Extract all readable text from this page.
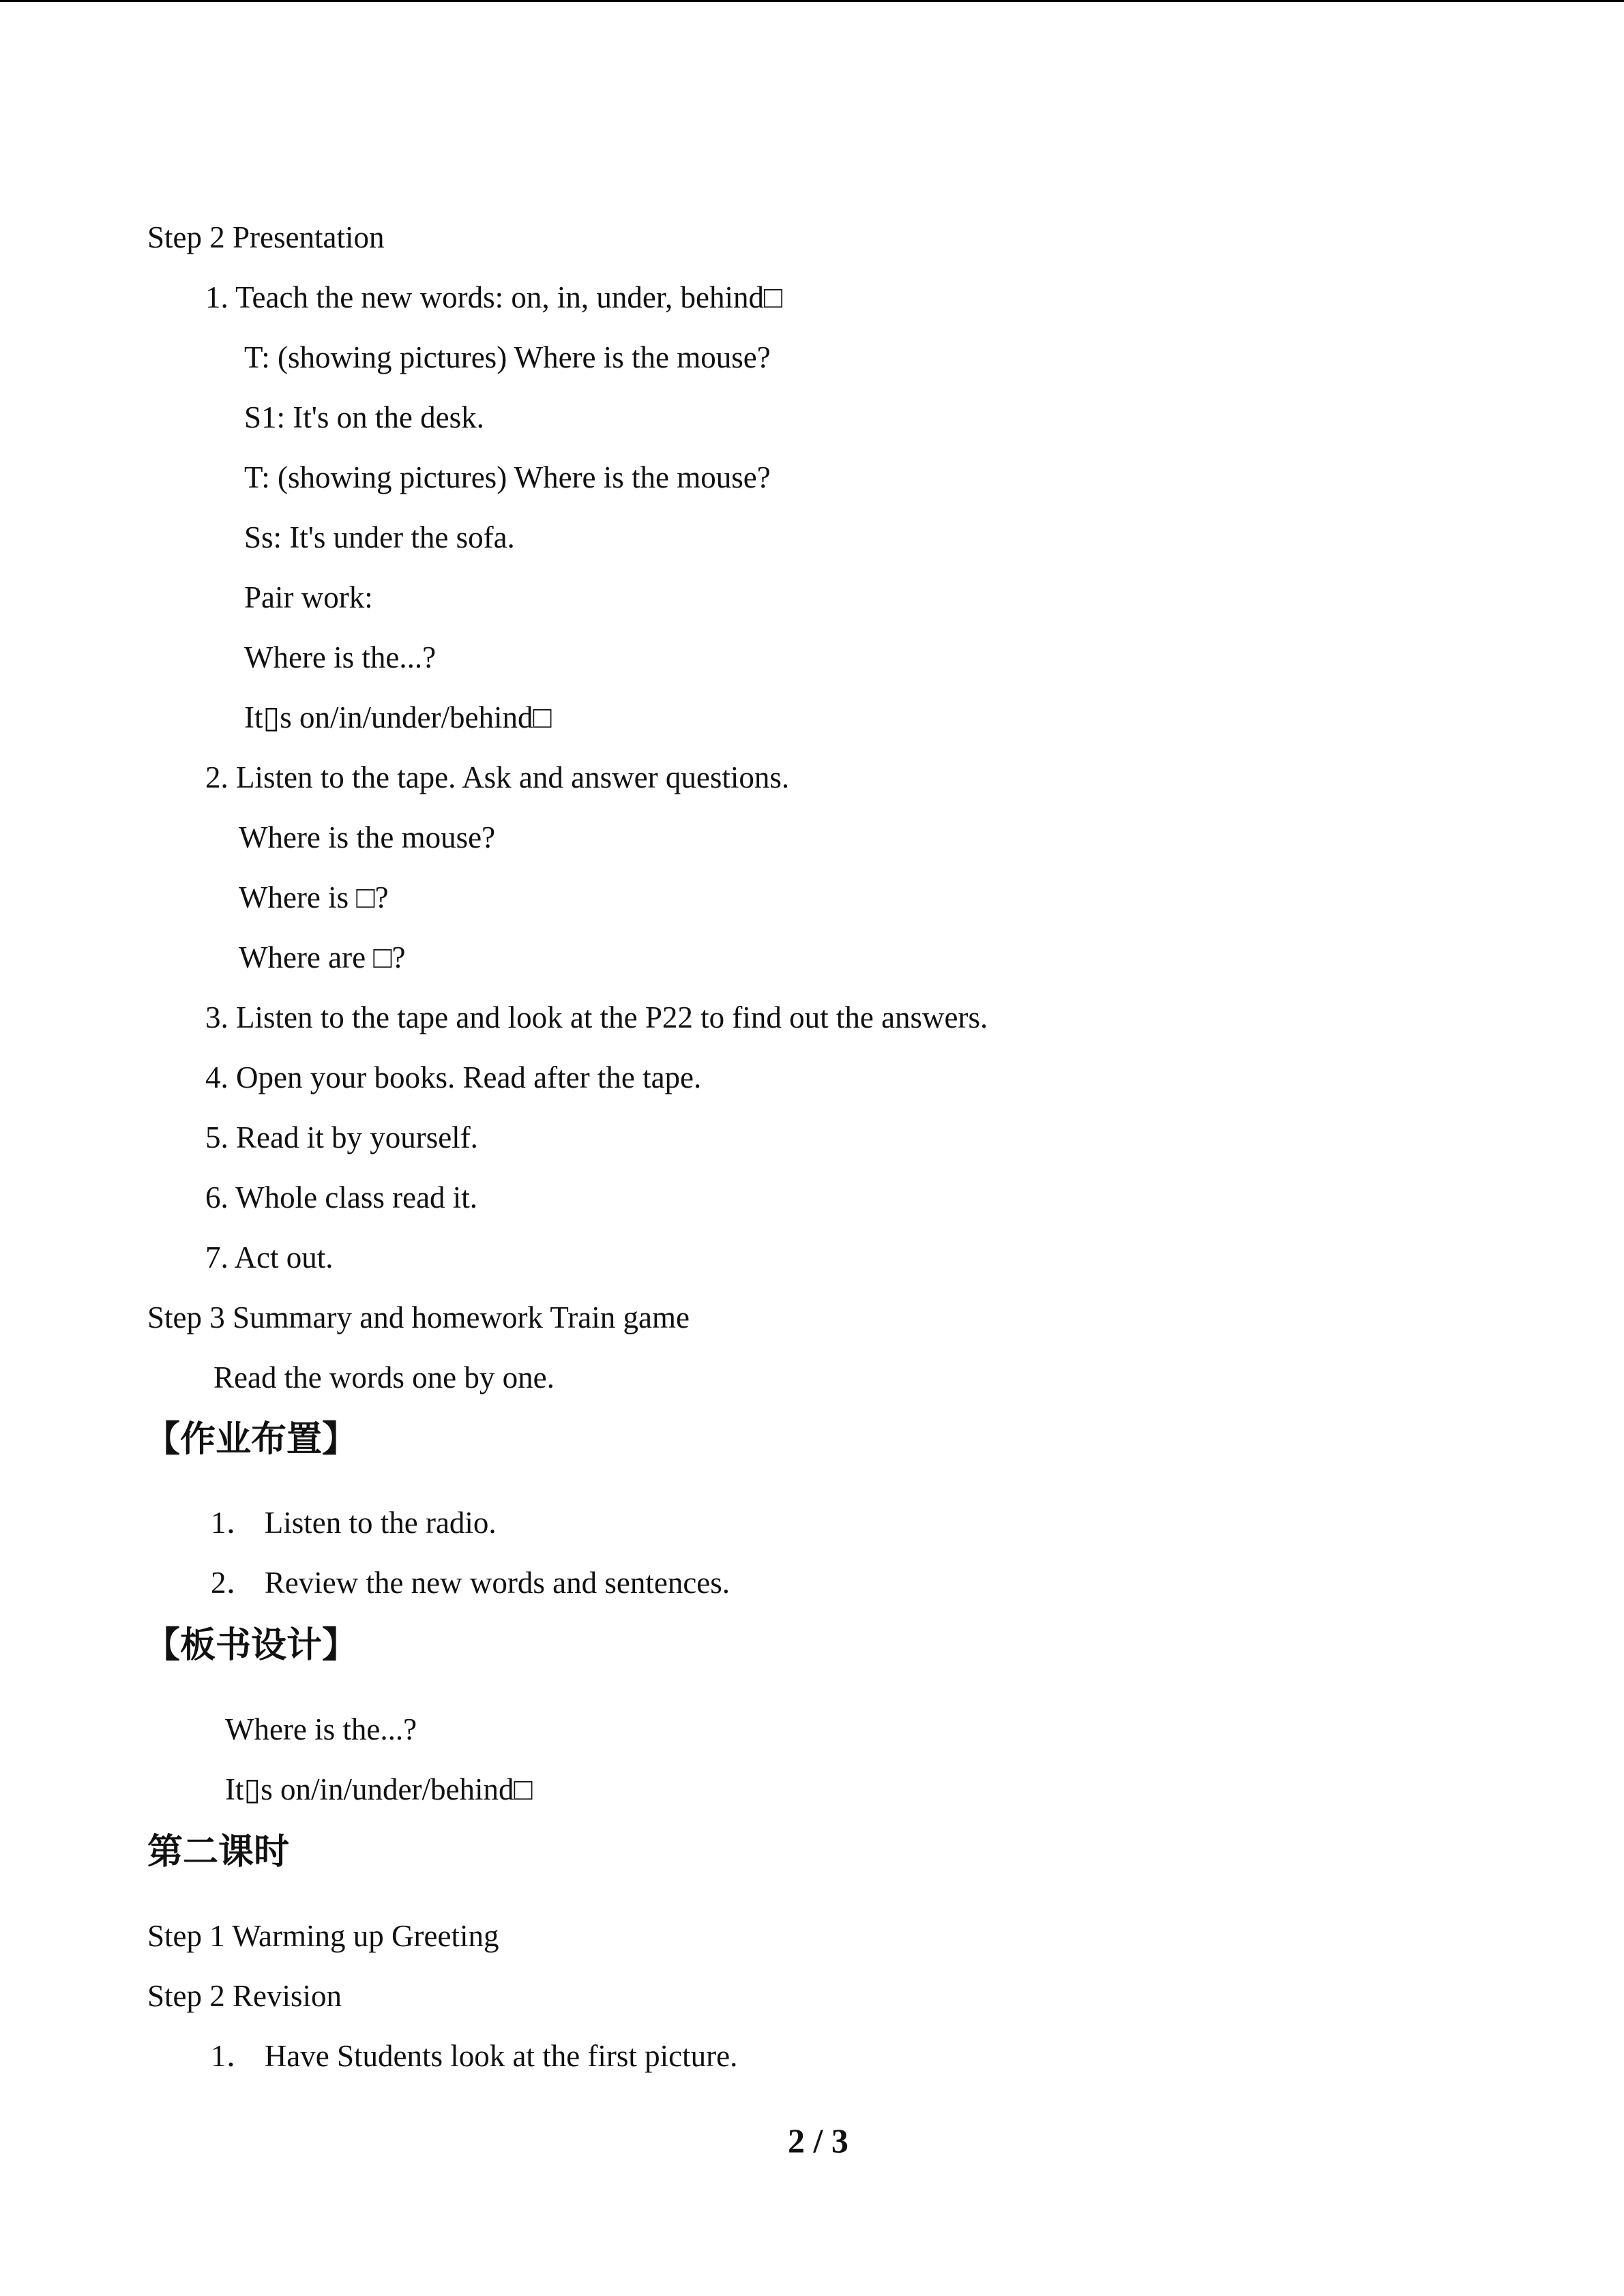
Step 2 Presentation
1. Teach the new words: on, in, under, behind□
T: (showing pictures) Where is the mouse?
S1: It's on the desk.
T: (showing pictures) Where is the mouse?
Ss: It's under the sofa.
Pair work:
Where is the...?
It▯s on/in/under/behind□
2. Listen to the tape. Ask and answer questions.
Where is the mouse?
Where is □?
Where are □?
3. Listen to the tape and look at the P22 to find out the answers.
4. Open your books. Read after the tape.
5. Read it by yourself.
6. Whole class read it.
7. Act out.
Step 3 Summary and homework Train game
Read the words one by one.
【作业布置】
1． Listen to the radio.
2． Review the new words and sentences.
【板书设计】
Where is the...?
It▯s on/in/under/behind□
第二课时
Step 1 Warming up Greeting
Step 2 Revision
1． Have Students look at the first picture.
2 / 3
